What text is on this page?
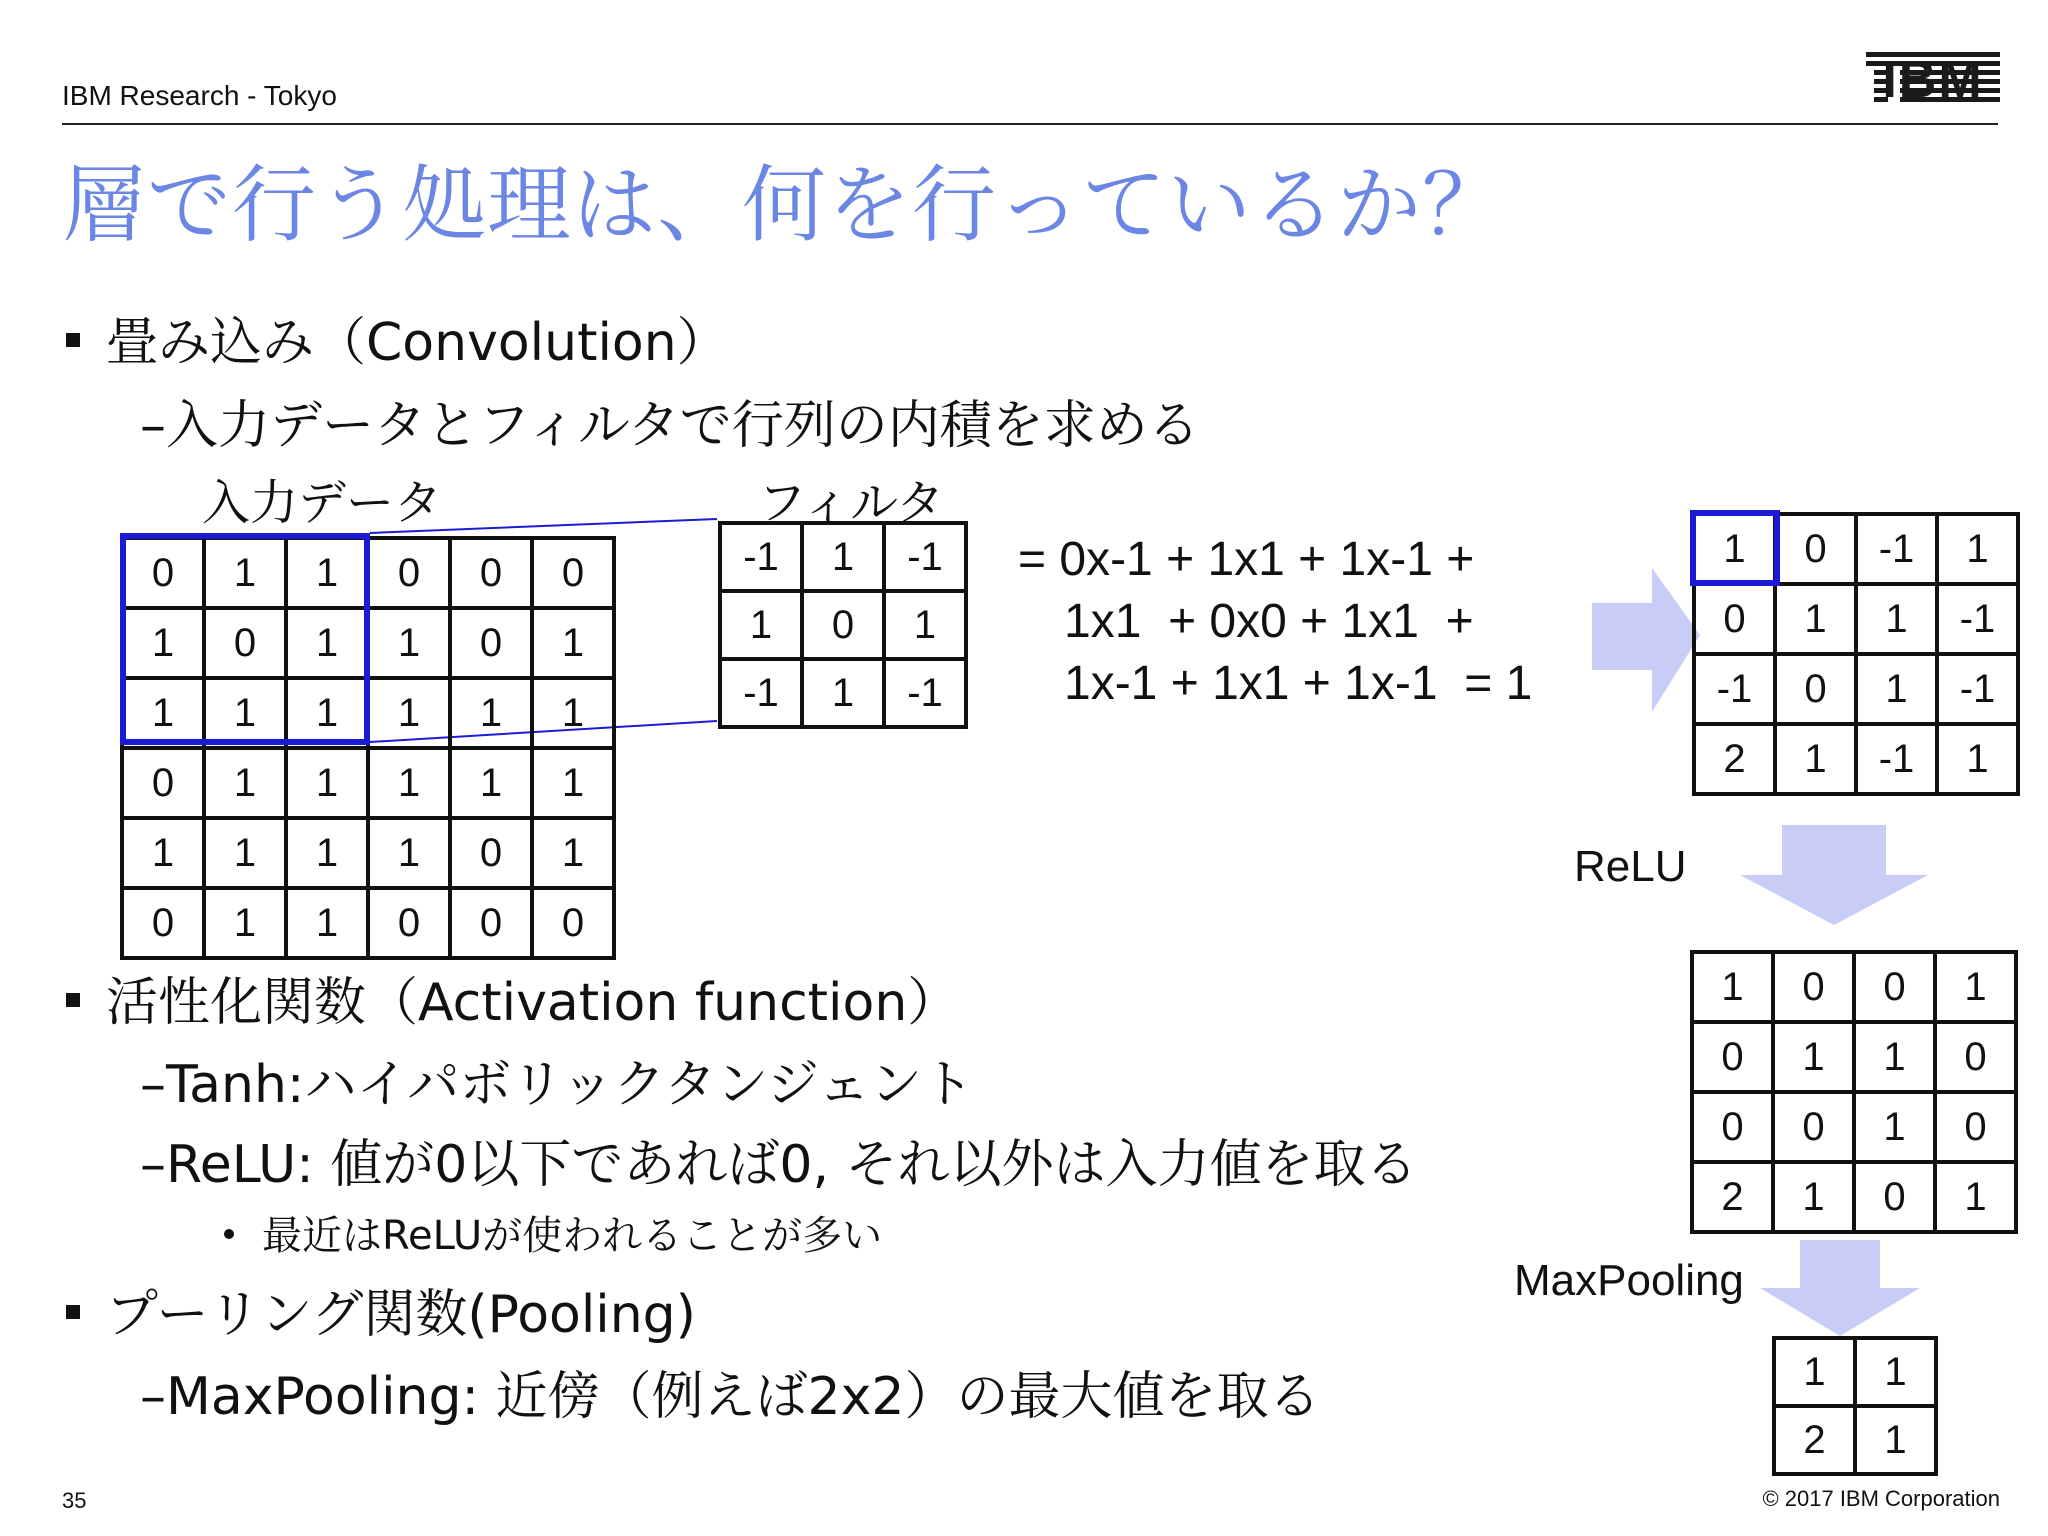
IBM Research - Tokyo	IBM
層で行う処理は、何を行っているか？
畳み込み（Convolution）
–入力データとフィルタで行列の内積を求める
入力データ	フィルタ
0	1	1	0	0	0
1	0	1	1	0	1
1	1	1	1	1	1
0	1	1	1	1	1
1	1	1	1	0	1
0	1	1	0	0	0
-1	1	-1
1	0	1
-1	1	-1
= 0x-1 + 1x1 + 1x-1 +
1x1  + 0x0 + 1x1  +
1x-1 + 1x1 + 1x-1  = 1
1	0	-1	1
0	1	1	-1
-1	0	1	-1
2	1	-1	1
ReLU
1	0	0	1
0	1	1	0
0	0	1	0
2	1	0	1
MaxPooling
1	1
2	1
活性化関数（Activation function）
–Tanh:ハイパボリックタンジェント
–ReLU: 値が0以下であれば0, それ以外は入力値を取る
最近はReLUが使われることが多い
プーリング関数(Pooling)
–MaxPooling: 近傍（例えば2x2）の最大値を取る
35	© 2017 IBM Corporation
